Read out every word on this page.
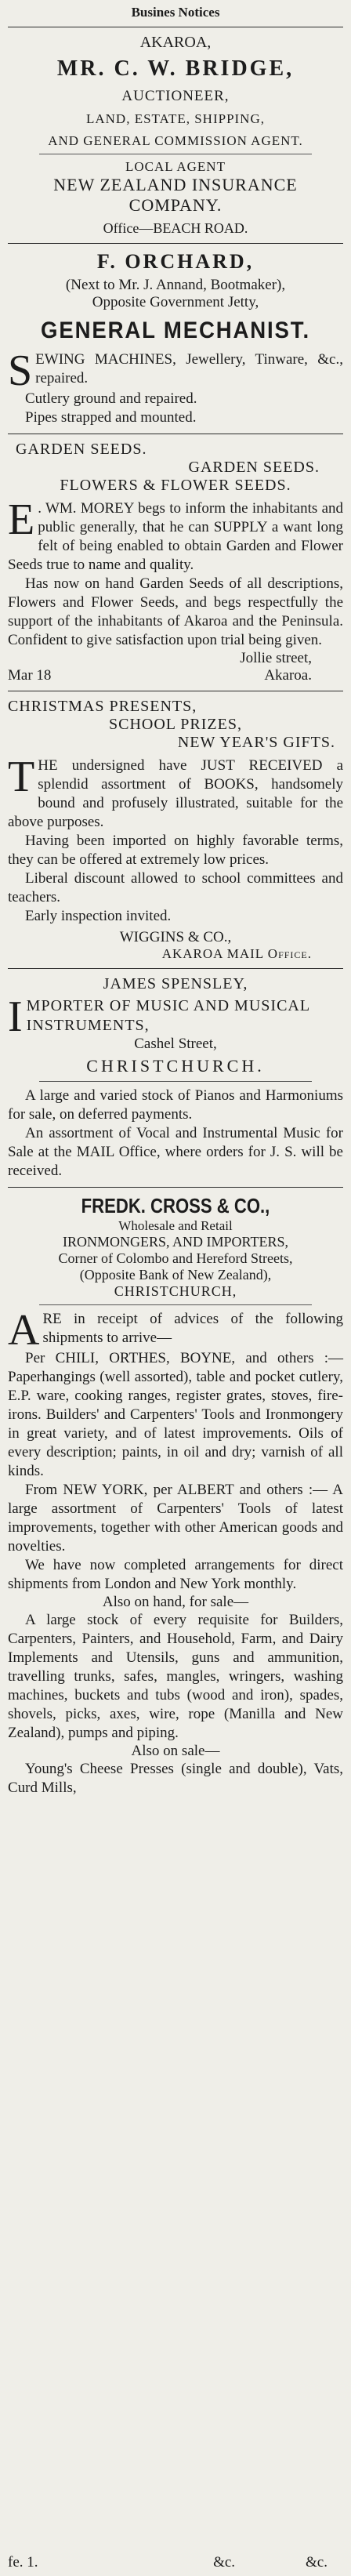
Busines Notices

AKAROA,

MR. C. W. BRIDGE,

AUCTIONEER,

LAND, ESTATE, SHIPPING,

AND GENERAL COMMISSION AGENT.

LOCAL AGENT

NEW ZEALAND INSURANCE

COMPANY.

Office—BEACH ROAD.

F. ORCHARD,

(Next to Mr. J. Annand, Bootmaker),

Opposite Government Jetty,

GENERAL MECHANIST.

SEWING MACHINES, Jewellery, Tinware, &c., repaired.

Cutlery ground and repaired.

Pipes strapped and mounted.

GARDEN SEEDS.

GARDEN SEEDS.

FLOWERS & FLOWER SEEDS.

E . WM. MOREY begs to inform the inhabitants and public generally, that he can SUPPLY a want long felt of being enabled to obtain Garden and Flower Seeds true to name and quality.

Has now on hand Garden Seeds of all descriptions, Flowers and Flower Seeds, and begs respectfully the support of the inhabitants of Akaroa and the Peninsula. Confident to give satisfaction upon trial being given.

Jollie street,

Mar 18	Akaroa.

CHRISTMAS PRESENTS,

SCHOOL PRIZES,

NEW YEAR'S GIFTS.

THE undersigned have JUST RECEIVED a splendid assortment of BOOKS, handsomely bound and profusely illustrated, suitable for the above purposes.

Having been imported on highly favorable terms, they can be offered at extremely low prices.

Liberal discount allowed to school committees and teachers.

Early inspection invited.

WIGGINS & CO.,

AKAROA MAIL Office.

JAMES SPENSLEY,

IMPORTER OF MUSIC AND MUSICAL INSTRUMENTS,

Cashel Street,

CHRISTCHURCH.

A large and varied stock of Pianos and Harmoniums for sale, on deferred payments.

An assortment of Vocal and Instrumental Music for Sale at the MAIL Office, where orders for J. S. will be received.

FREDK. CROSS & CO.,

Wholesale and Retail

IRONMONGERS, AND IMPORTERS,

Corner of Colombo and Hereford Streets,

(Opposite Bank of New Zealand),

CHRISTCHURCH,

ARE in receipt of advices of the following shipments to arrive—

Per CHILI, ORTHES, BOYNE, and others :— Paperhangings (well assorted), table and pocket cutlery, E.P. ware, cooking ranges, register grates, stoves, fire-irons. Builders' and Carpenters' Tools and Ironmongery in great variety, and of latest improvements. Oils of every description; paints, in oil and dry; varnish of all kinds.

From NEW YORK, per ALBERT and others :— A large assortment of Carpenters' Tools of latest improvements, together with other American goods and novelties.

We have now completed arrangements for direct shipments from London and New York monthly.

Also on hand, for sale—

A large stock of every requisite for Builders, Carpenters, Painters, and Household, Farm, and Dairy Implements and Utensils, guns and ammunition, travelling trunks, safes, mangles, wringers, washing machines, buckets and tubs (wood and iron), spades, shovels, picks, axes, wire, rope (Manilla and New Zealand), pumps and piping.

Also on sale—

Young's Cheese Presses (single and double), Vats, Curd Mills,

fe. 1.	&c.	&c.
